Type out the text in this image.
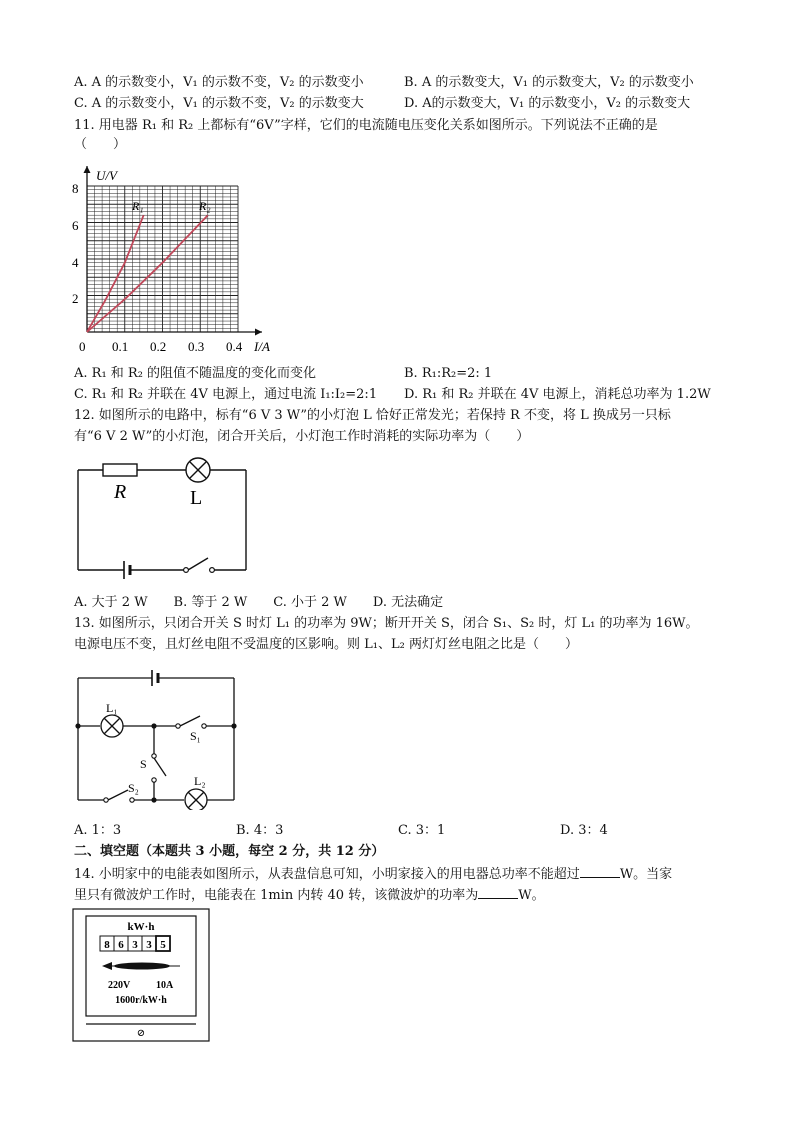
A. A 的示数变小，V₁ 的示数不变，V₂ 的示数变小	B. A 的示数变大，V₁ 的示数变大，V₂ 的示数变小
C. A 的示数变小，V₁ 的示数不变，V₂ 的示数变大	D. A的示数变大，V₁ 的示数变小，V₂ 的示数变大
11. 用电器 R₁ 和 R₂ 上都标有“6V”字样，它们的电流随电压变化关系如图所示。下列说法不正确的是
（　　）
U/V
8
6
4
2
0 0.1 0.2 0.3 0.4 I/A
R₁	R₂
A. R₁ 和 R₂ 的阻值不随温度的变化而变化	B. R₁:R₂=2: 1
C. R₁ 和 R₂ 并联在 4V 电源上，通过电流 I₁:I₂=2:1 D. R₁ 和 R₂ 并联在 4V 电源上，消耗总功率为 1.2W
12. 如图所示的电路中，标有“6 V 3 W”的小灯泡 L 恰好正常发光；若保持 R 不变，将 L 换成另一只标
有“6 V 2 W”的小灯泡，闭合开关后，小灯泡工作时消耗的实际功率为（　　）
R	L
A. 大于 2 W　　B. 等于 2 W　　C. 小于 2 W　　D. 无法确定
13. 如图所示，只闭合开关 S 时灯 L₁ 的功率为 9W；断开开关 S，闭合 S₁、S₂ 时，灯 L₁ 的功率为 16W。
电源电压不变，且灯丝电阻不受温度的区影响。则 L₁、L₂ 两灯灯丝电阻之比是（　　）
L₁
S₁
S
S₂	L₂
A. 1：3	B. 4：3	C. 3：1	D. 3：4
二、填空题（本题共 3 小题，每空 2 分，共 12 分）
14. 小明家中的电能表如图所示，从表盘信息可知，小明家接入的用电器总功率不能超过	W。当家
里只有微波炉工作时，电能表在 1min 内转 40 转，该微波炉的功率为	W。
kW·h
8 6 3 3 5
220V	10A
1600r/kW·h
⊘
